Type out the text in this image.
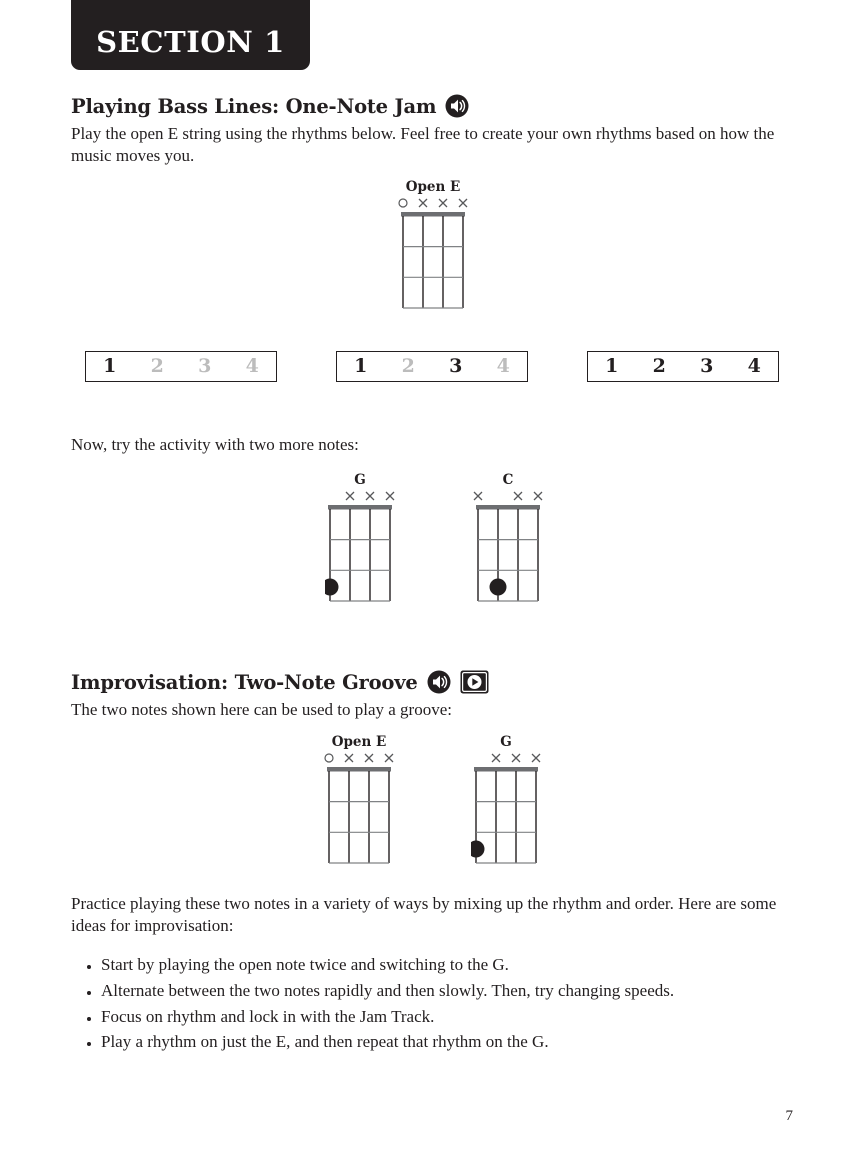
SECTION 1
Playing Bass Lines: One-Note Jam

Play the open E string using the rhythms below. Feel free to create your own rhythms based on how the music moves you.

Open E
1 2 3 4	1 2 3 4	1 2 3 4

Now, try the activity with two more notes:

G	C
Improvisation: Two-Note Groove

The two notes shown here can be used to play a groove:

Open E	G

Practice playing these two notes in a variety of ways by mixing up the rhythm and order. Here are some ideas for improvisation:

• Start by playing the open note twice and switching to the G.
• Alternate between the two notes rapidly and then slowly. Then, try changing speeds.
• Focus on rhythm and lock in with the Jam Track.
• Play a rhythm on just the E, and then repeat that rhythm on the G.
7
